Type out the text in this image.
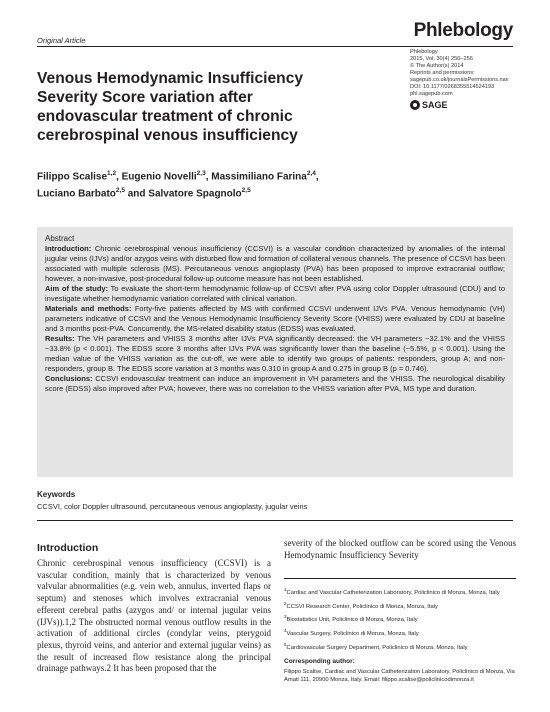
Original Article	Phlebology
Venous Hemodynamic Insufficiency Severity Score variation after endovascular treatment of chronic cerebrospinal venous insufficiency
Phlebology
2015, Vol. 30(4) 250–256
© The Author(s) 2014
Reprints and permissions:
sagepub.co.uk/journalsPermissions.nav
DOI: 10.1177/0268355514524193
phl.sagepub.com
SAGE
Filippo Scalise$^{1,2}$, Eugenio Novelli$^{2,3}$, Massimiliano Farina$^{2,4}$,
Luciano Barbato$^{2,5}$ and Salvatore Spagnolo$^{2,5}$
Abstract

Introduction: Chronic cerebrospinal venous insufficiency (CCSVI) is a vascular condition characterized by anomalies of the internal jugular veins (IJVs) and/or azygos veins with disturbed flow and formation of collateral venous channels. The presence of CCSVI has been associated with multiple sclerosis (MS). Percutaneous venous angioplasty (PVA) has been proposed to improve extracranial outflow; however, a non-invasive, post-procedural follow-up outcome measure has not been established.

Aim of the study: To evaluate the short-term hemodynamic follow-up of CCSVI after PVA using color Doppler ultrasound (CDU) and to investigate whether hemodynamic variation correlated with clinical variation.

Materials and methods: Forty-five patients affected by MS with confirmed CCSVI underwent IJVs PVA. Venous hemodynamic (VH) parameters indicative of CCSVI and the Venous Hemodynamic Insufficiency Severity Score (VHISS) were evaluated by CDU at baseline and 3 months post-PVA. Concurrently, the MS-related disability status (EDSS) was evaluated.

Results: The VH parameters and VHISS 3 months after IJVs PVA significantly decreased: the VH parameters −32.1% and the VHISS −33.8% (p < 0.001). The EDSS score 3 months after IJVs PVA was significantly lower than the baseline (−5.5%, p < 0.001). Using the median value of the VHISS variation as the cut-off, we were able to identify two groups of patients: responders, group A; and non-responders, group B. The EDSS score variation at 3 months was 0.310 in group A and 0.275 in group B (p = 0.746).

Conclusions: CCSVI endovascular treatment can induce an improvement in VH parameters and the VHISS. The neurological disability score (EDSS) also improved after PVA; however, there was no correlation to the VHISS variation after PVA, MS type and duration.

Keywords
CCSVI, color Doppler ultrasound, percutaneous venous angioplasty, jugular veins
Introduction

Chronic cerebrospinal venous insufficiency (CCSVI) is a vascular condition, mainly that is characterized by venous valvular abnormalities (e.g. vein web, annulus, inverted flaps or septum) and stenoses which involves extracranial venous efferent cerebral paths (azygos and/ or internal jugular veins (IJVs)).1,2 The obstructed normal venous outflow results in the activation of additional circles (condylar veins, pterygoid plexus, thyroid veins, and anterior and external jugular veins) as the result of increased flow resistance along the principal drainage pathways.2 It has been proposed that the

severity of the blocked outflow can be scored using the Venous Hemodynamic Insufficiency Severity

$^1$Cardiac and Vascular Catheterization Laboratory, Policlinico di Monza, Monza, Italy
$^2$CCSVI Research Center, Policlinico di Monza, Monza, Italy
$^3$Biostatistics Unit, Policlinico di Monza, Monza, Italy
$^4$Vascular Surgery, Policlinico di Monza, Monza, Italy
$^5$Cardiovascular Surgery Department, Policlinico di Monza, Monza, Italy
Corresponding author:
Filippo Scalise, Cardiac and Vascular Catheterization Laboratory, Policlinico di Monza, Via Amati 111, 20900 Monza, Italy. Email: filippo.scalise@policlinicodimonza.it
